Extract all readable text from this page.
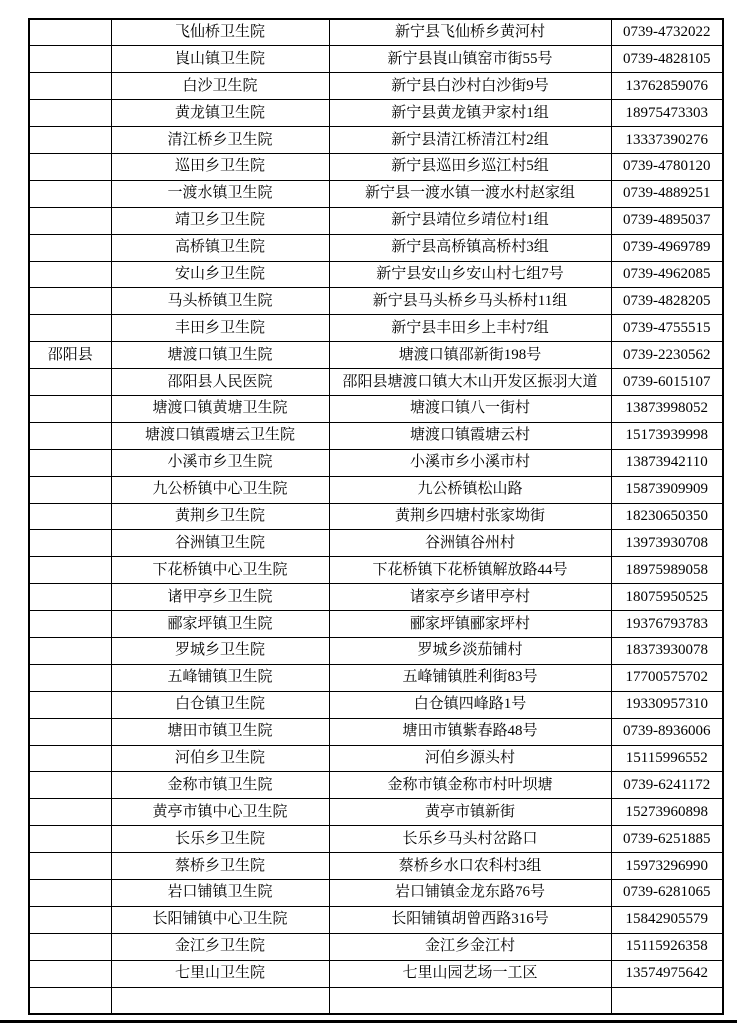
	飞仙桥卫生院	新宁县飞仙桥乡黄河村	0739-4732022
	崀山镇卫生院	新宁县崀山镇窑市街55号	0739-4828105
	白沙卫生院	新宁县白沙村白沙街9号	13762859076
	黄龙镇卫生院	新宁县黄龙镇尹家村1组	18975473303
	清江桥乡卫生院	新宁县清江桥清江村2组	13337390276
	巡田乡卫生院	新宁县巡田乡巡江村5组	0739-4780120
	一渡水镇卫生院	新宁县一渡水镇一渡水村赵家组	0739-4889251
	靖卫乡卫生院	新宁县靖位乡靖位村1组	0739-4895037
	高桥镇卫生院	新宁县高桥镇高桥村3组	0739-4969789
	安山乡卫生院	新宁县安山乡安山村七组7号	0739-4962085
	马头桥镇卫生院	新宁县马头桥乡马头桥村11组	0739-4828205
	丰田乡卫生院	新宁县丰田乡上丰村7组	0739-4755515
邵阳县	塘渡口镇卫生院	塘渡口镇邵新街198号	0739-2230562
	邵阳县人民医院	邵阳县塘渡口镇大木山开发区振羽大道	0739-6015107
	塘渡口镇黄塘卫生院	塘渡口镇八一街村	13873998052
	塘渡口镇霞塘云卫生院	塘渡口镇霞塘云村	15173939998
	小溪市乡卫生院	小溪市乡小溪市村	13873942110
	九公桥镇中心卫生院	九公桥镇松山路	15873909909
	黄荆乡卫生院	黄荆乡四塘村张家坳街	18230650350
	谷洲镇卫生院	谷洲镇谷州村	13973930708
	下花桥镇中心卫生院	下花桥镇下花桥镇解放路44号	18975989058
	诸甲亭乡卫生院	诸家亭乡诸甲亭村	18075950525
	郦家坪镇卫生院	郦家坪镇郦家坪村	19376793783
	罗城乡卫生院	罗城乡淡茄铺村	18373930078
	五峰铺镇卫生院	五峰铺镇胜利街83号	17700575702
	白仓镇卫生院	白仓镇四峰路1号	19330957310
	塘田市镇卫生院	塘田市镇紫春路48号	0739-8936006
	河伯乡卫生院	河伯乡源头村	15115996552
	金称市镇卫生院	金称市镇金称市村叶坝塘	0739-6241172
	黄亭市镇中心卫生院	黄亭市镇新街	15273960898
	长乐乡卫生院	长乐乡马头村岔路口	0739-6251885
	蔡桥乡卫生院	蔡桥乡水口农科村3组	15973296990
	岩口铺镇卫生院	岩口铺镇金龙东路76号	0739-6281065
	长阳铺镇中心卫生院	长阳铺镇胡曾西路316号	15842905579
	金江乡卫生院	金江乡金江村	15115926358
	七里山卫生院	七里山园艺场一工区	13574975642
